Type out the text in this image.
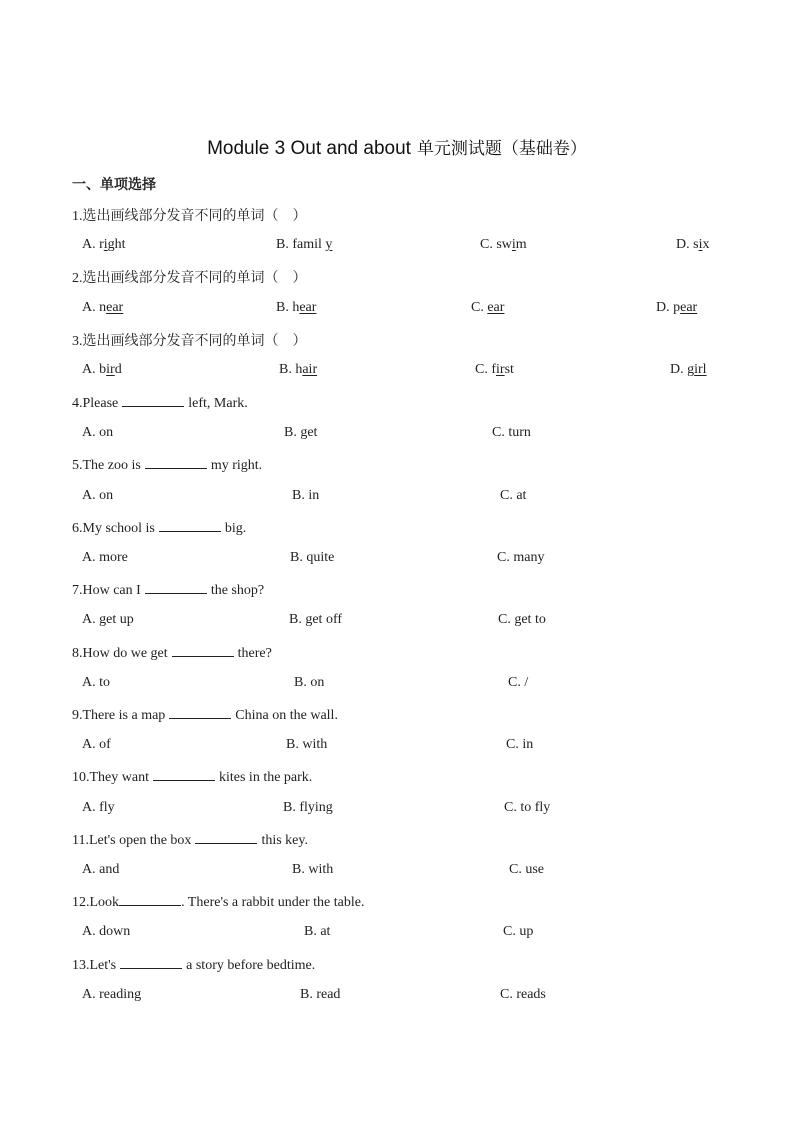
Module 3 Out and about 单元测试题（基础卷）
一、单项选择
1.选出画线部分发音不同的单词（　）
A. right	B. famil y	C. swim	D. six
2.选出画线部分发音不同的单词（　）
A. near	B. hear	C. ear	D. pear
3.选出画线部分发音不同的单词（　）
A. bird	B. hair	C. first	D. girl
4.Please	left, Mark.
A. on	B. get	C. turn
5.The zoo is	my right.
A. on	B. in	C. at
6.My school is	big.
A. more	B. quite	C. many
7.How can I	the shop?
A. get up	B. get off	C. get to
8.How do we get	there?
A. to	B. on	C. /
9.There is a map	China on the wall.
A. of	B. with	C. in
10.They want	kites in the park.
A. fly	B. flying	C. to fly
11.Let's open the box	this key.
A. and	B. with	C. use
12.Look	. There's a rabbit under the table.
A. down	B. at	C. up
13.Let's	a story before bedtime.
A. reading	B. read	C. reads
